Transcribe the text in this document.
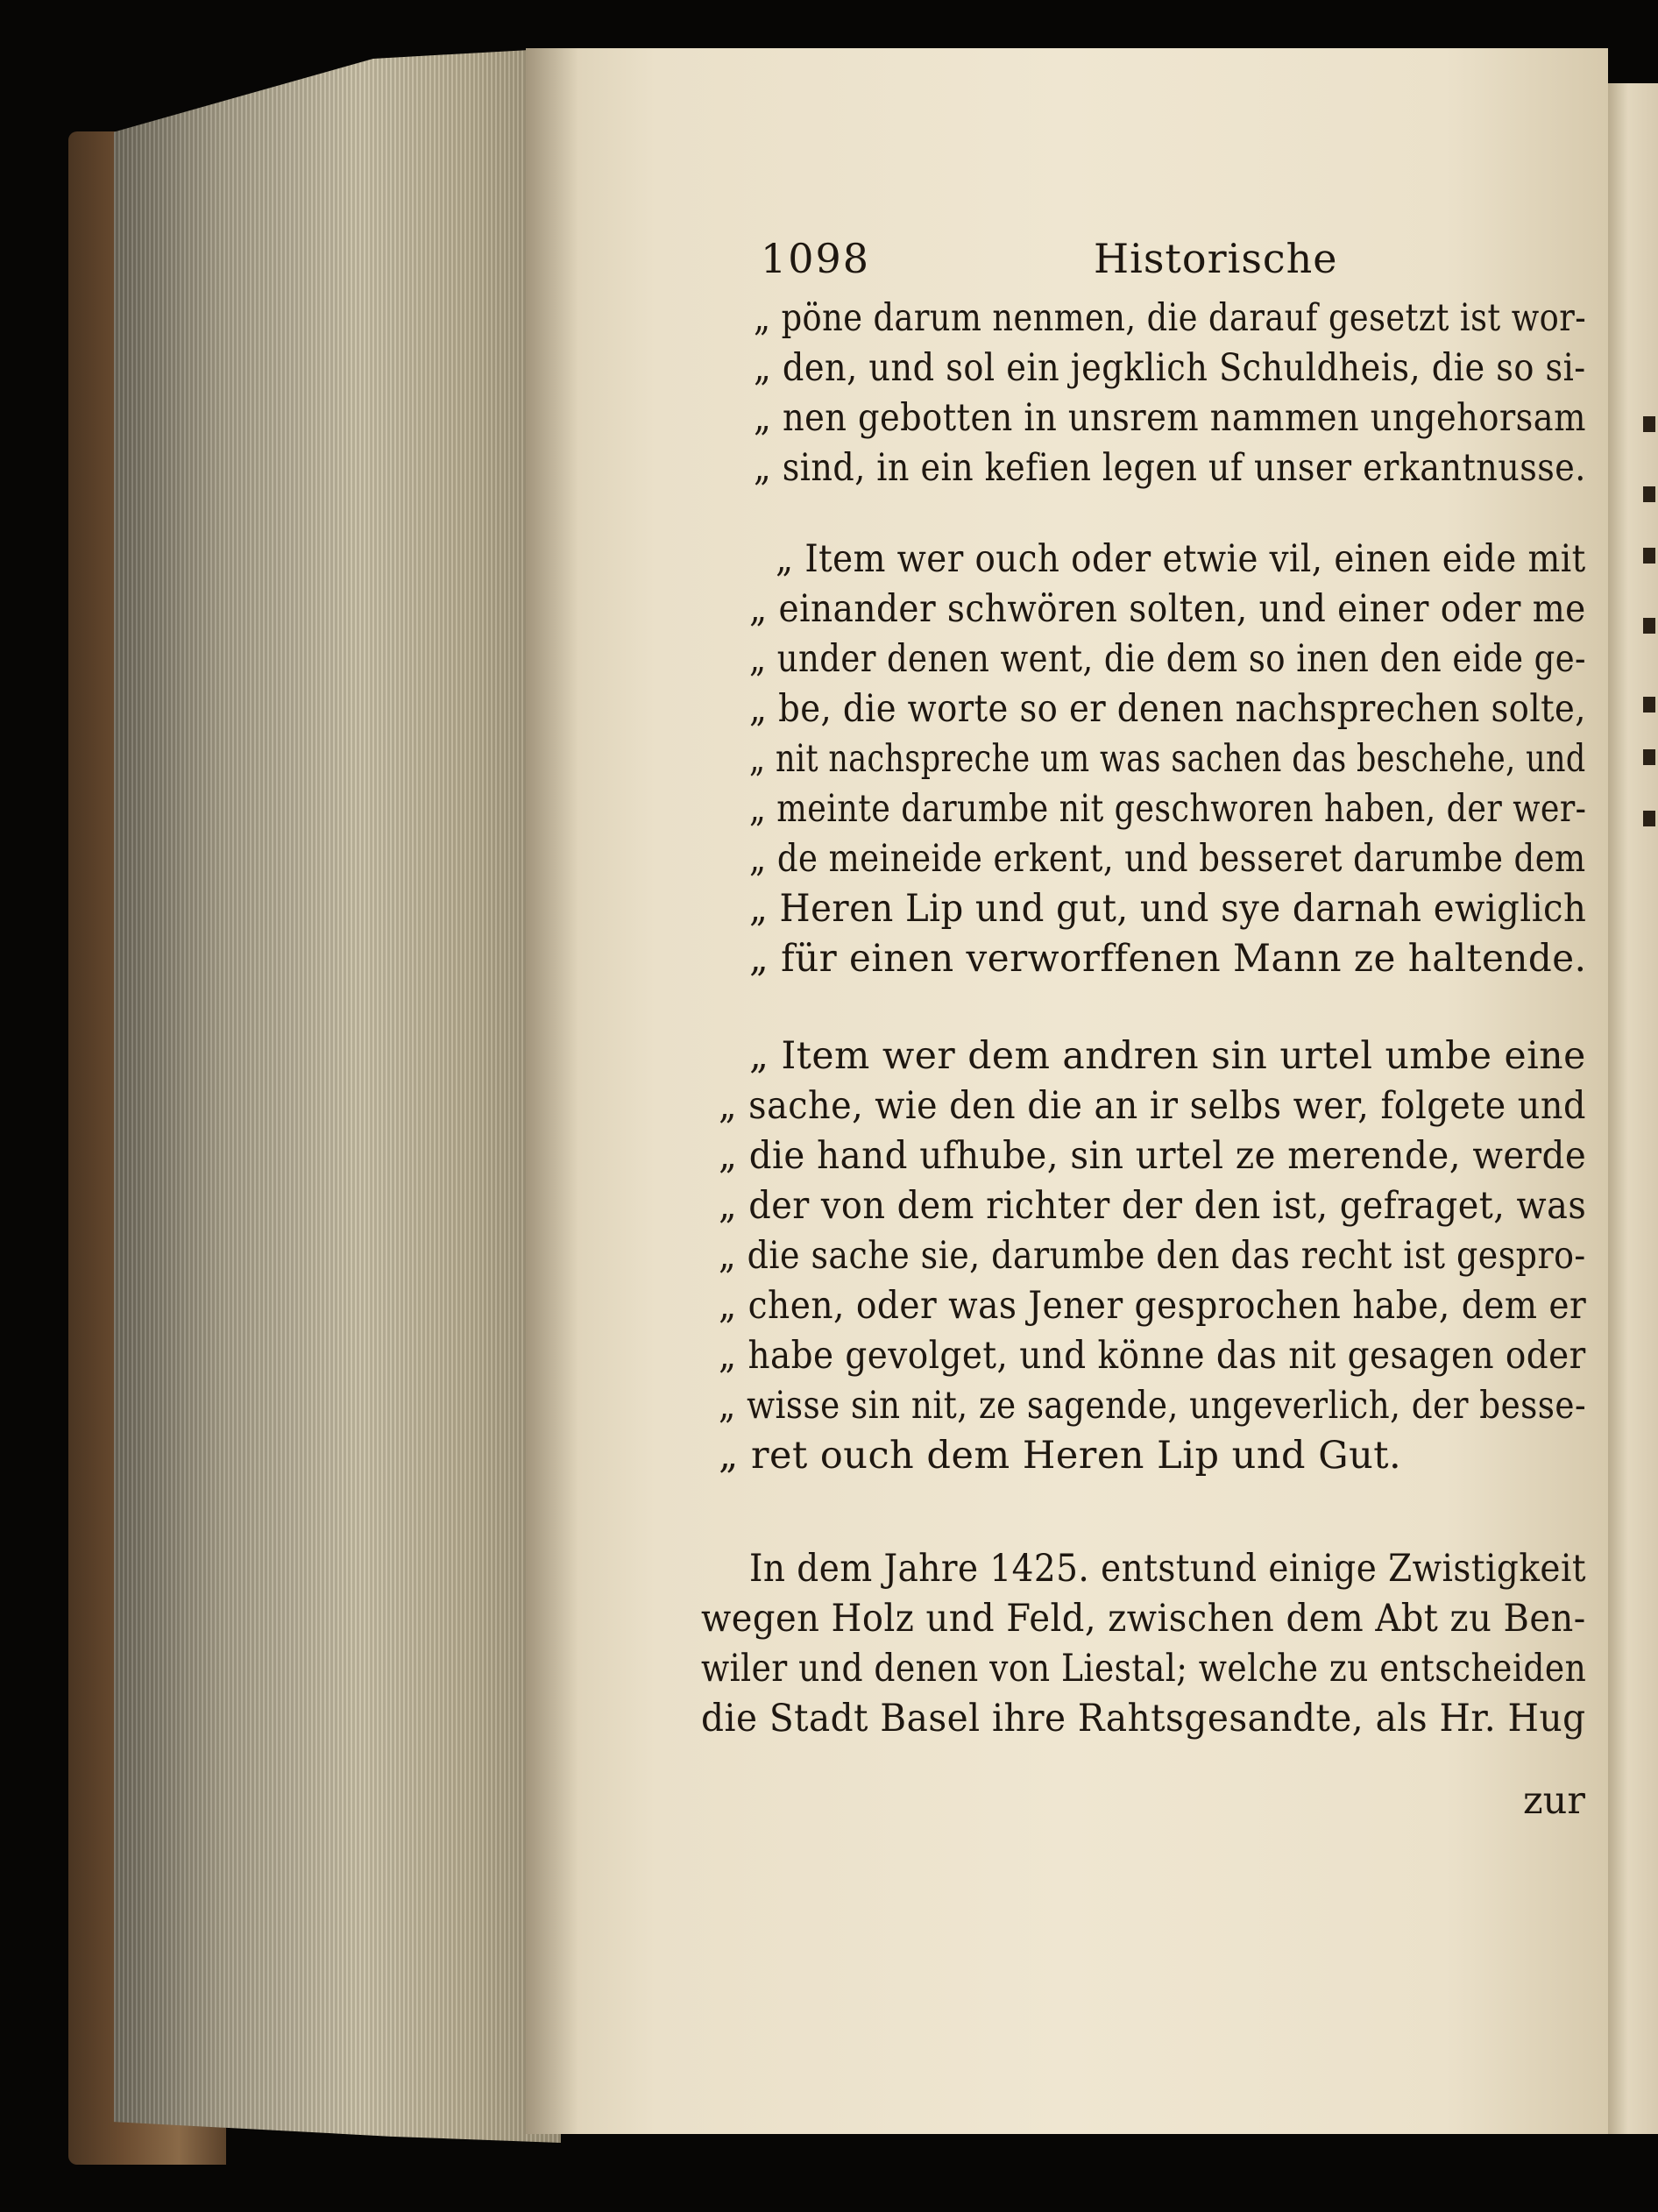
1098	Historische
„ pöne darum nenmen, die darauf gesetzt ist wor-
„ den, und sol ein jegklich Schuldheis, die so si-
„ nen gebotten in unsrem nammen ungehorsam
„ sind, in ein kefien legen uf unser erkantnusse.
„ Item wer ouch oder etwie vil, einen eide mit
„ einander schwören solten, und einer oder me
„ under denen went, die dem so inen den eide ge-
„ be, die worte so er denen nachsprechen solte,
„ nit nachspreche um was sachen das beschehe, und
„ meinte darumbe nit geschworen haben, der wer-
„ de meineide erkent, und besseret darumbe dem
„ Heren Lip und gut, und sye darnah ewiglich
„ für einen verworffenen Mann ze haltende.
„ Item wer dem andren sin urtel umbe eine
„ sache, wie den die an ir selbs wer, folgete und
„ die hand ufhube, sin urtel ze merende, werde
„ der von dem richter der den ist, gefraget, was
„ die sache sie, darumbe den das recht ist gespro-
„ chen, oder was Jener gesprochen habe, dem er
„ habe gevolget, und könne das nit gesagen oder
„ wisse sin nit, ze sagende, ungeverlich, der besse-
„ ret ouch dem Heren Lip und Gut.
In dem Jahre 1425. entstund einige Zwistigkeit
wegen Holz und Feld, zwischen dem Abt zu Ben-
wiler und denen von Liestal; welche zu entscheiden
die Stadt Basel ihre Rahtsgesandte, als Hr. Hug
zur
